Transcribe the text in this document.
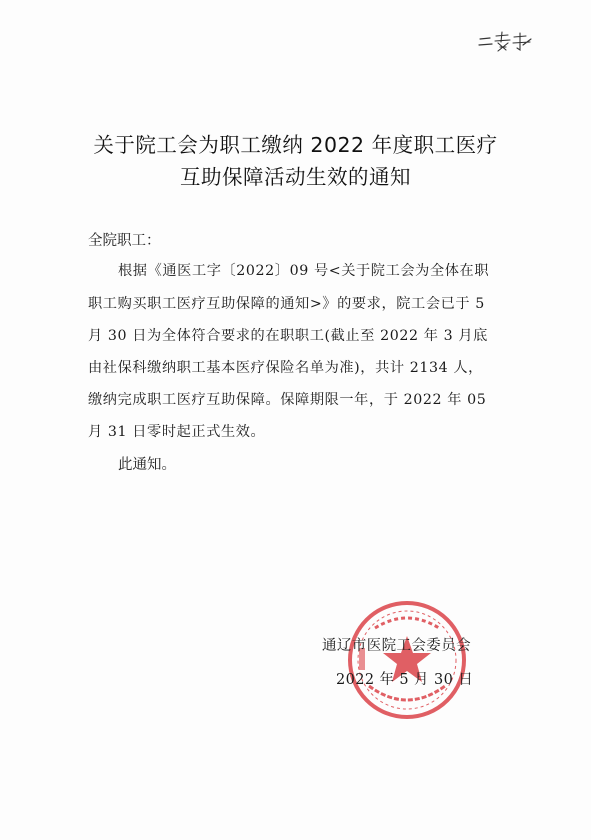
关于院工会为职工缴纳 2022 年度职工医疗
互助保障活动生效的通知
全院职工：
根据《通医工字〔2022〕09 号<关于院工会为全体在职
职工购买职工医疗互助保障的通知>》的要求，院工会已于 5
月 30 日为全体符合要求的在职职工(截止至 2022 年 3 月底
由社保科缴纳职工基本医疗保险名单为准)，共计 2134 人，
缴纳完成职工医疗互助保障。保障期限一年，于 2022 年 05
月 31 日零时起正式生效。
此通知。
通辽市医院工会委员会
2022 年 5 月 30 日
